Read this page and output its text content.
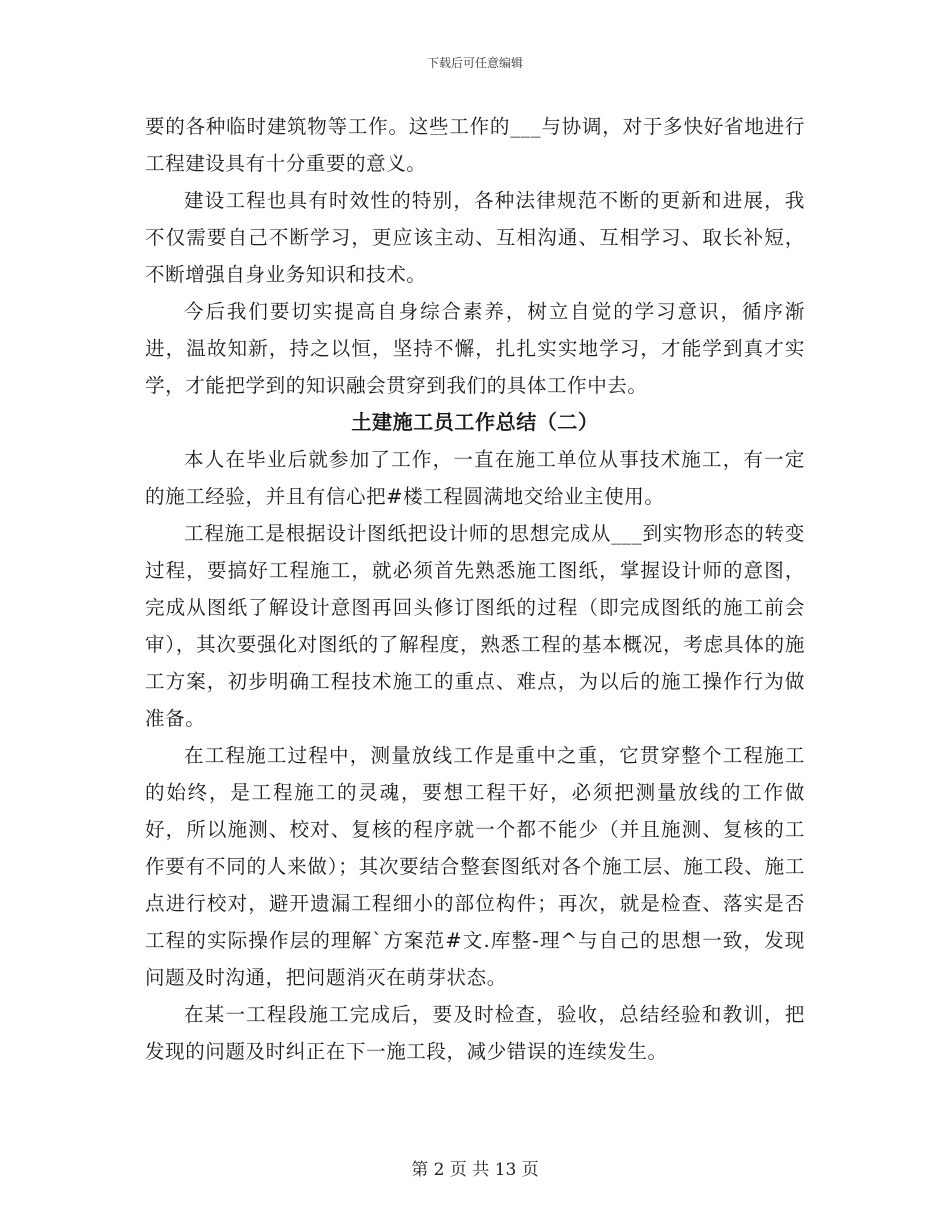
下载后可任意编辑

要的各种临时建筑物等工作。这些工作的___与协调，对于多快好省地进行工程建设具有十分重要的意义。

建设工程也具有时效性的特别，各种法律规范不断的更新和进展，我不仅需要自己不断学习，更应该主动、互相沟通、互相学习、取长补短，不断增强自身业务知识和技术。

今后我们要切实提高自身综合素养，树立自觉的学习意识，循序渐进，温故知新，持之以恒，坚持不懈，扎扎实实地学习，才能学到真才实学，才能把学到的知识融会贯穿到我们的具体工作中去。

土建施工员工作总结（二）

本人在毕业后就参加了工作，一直在施工单位从事技术施工，有一定的施工经验，并且有信心把#楼工程圆满地交给业主使用。

工程施工是根据设计图纸把设计师的思想完成从___到实物形态的转变过程，要搞好工程施工，就必须首先熟悉施工图纸，掌握设计师的意图，完成从图纸了解设计意图再回头修订图纸的过程（即完成图纸的施工前会审），其次要强化对图纸的了解程度，熟悉工程的基本概况，考虑具体的施工方案，初步明确工程技术施工的重点、难点，为以后的施工操作行为做准备。

在工程施工过程中，测量放线工作是重中之重，它贯穿整个工程施工的始终，是工程施工的灵魂，要想工程干好，必须把测量放线的工作做好，所以施测、校对、复核的程序就一个都不能少（并且施测、复核的工作要有不同的人来做）；其次要结合整套图纸对各个施工层、施工段、施工点进行校对，避开遗漏工程细小的部位构件；再次，就是检查、落实是否工程的实际操作层的理解`方案范#文.库整-理^与自己的思想一致，发现问题及时沟通，把问题消灭在萌芽状态。

在某一工程段施工完成后，要及时检查，验收，总结经验和教训，把发现的问题及时纠正在下一施工段，减少错误的连续发生。

第 2 页 共 13 页
